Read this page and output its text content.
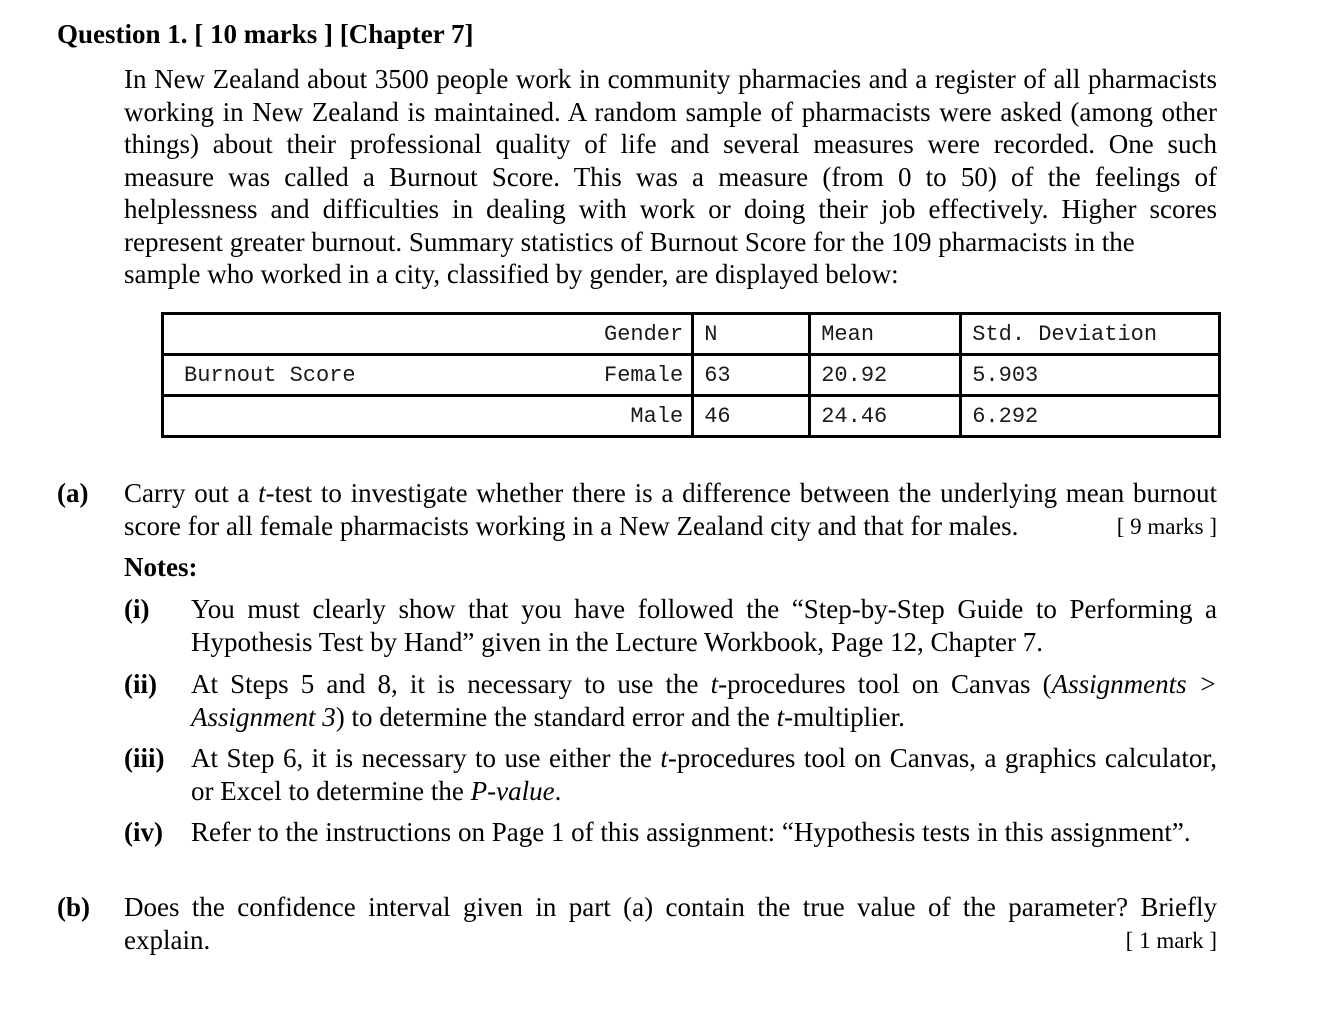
Question 1. [ 10 marks ] [Chapter 7]
In New Zealand about 3500 people work in community pharmacies and a register of all pharmacists working in New Zealand is maintained. A random sample of pharmacists were asked (among other things) about their professional quality of life and several measures were recorded. One such measure was called a Burnout Score. This was a measure (from 0 to 50) of the feelings of helplessness and difficulties in dealing with work or doing their job effectively. Higher scores represent greater burnout. Summary statistics of Burnout Score for the 109 pharmacists in the
sample who worked in a city, classified by gender, are displayed below:
	Gender	N	Mean	Std. Deviation
Burnout Score	Female	63	20.92	5.903
	Male	46	24.46	6.292
(a) Carry out a t-test to investigate whether there is a difference between the underlying mean burnout score for all female pharmacists working in a New Zealand city and that for males.	[ 9 marks ]
Notes:
(i) You must clearly show that you have followed the “Step-by-Step Guide to Performing a Hypothesis Test by Hand” given in the Lecture Workbook, Page 12, Chapter 7.
(ii) At Steps 5 and 8, it is necessary to use the t-procedures tool on Canvas (Assignments > Assignment 3) to determine the standard error and the t-multiplier.
(iii) At Step 6, it is necessary to use either the t-procedures tool on Canvas, a graphics calculator, or Excel to determine the P-value.
(iv) Refer to the instructions on Page 1 of this assignment: “Hypothesis tests in this assignment”.
(b) Does the confidence interval given in part (a) contain the true value of the parameter? Briefly explain.	[ 1 mark ]
